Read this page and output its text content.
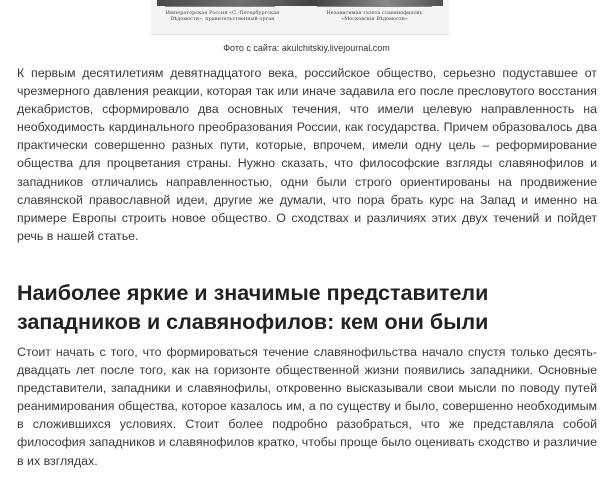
Императорская Россия «С.-Петербургская Вѣдомости», правительственный орган
Независимая газета славянофиловъ «Московскія Вѣдомости»
Фото с сайта: akulchitskiy.livejournal.com

К первым десятилетиям девятнадцатого века, российское общество, серьезно подуставшее от чрезмерного давления реакции, которая так или иначе задавила его после пресловутого восстания декабристов, сформировало два основных течения, что имели целевую направленность на необходимость кардинального преобразования России, как государства. Причем образовалось два практически совершенно разных пути, которые, впрочем, имели одну цель – реформирование общества для процветания страны. Нужно сказать, что философские взгляды славянофилов и западников отличались направленностью, одни были строго ориентированы на продвижение славянской православной идеи, другие же думали, что пора брать курс на Запад и именно на примере Европы строить новое общество. О сходствах и различиях этих двух течений и пойдет речь в нашей статье.

Наиболее яркие и значимые представители западников и славянофилов: кем они были

Стоит начать с того, что формироваться течение славянофильства начало спустя только десять-двадцать лет после того, как на горизонте общественной жизни появились западники. Основные представители, западники и славянофилы, откровенно высказывали свои мысли по поводу путей реанимирования общества, которое казалось им, а по существу и было, совершенно необходимым в сложившихся условиях. Стоит более подробно разобраться, что же представляла собой философия западников и славянофилов кратко, чтобы проще было оценивать сходство и различие в их взглядах.
